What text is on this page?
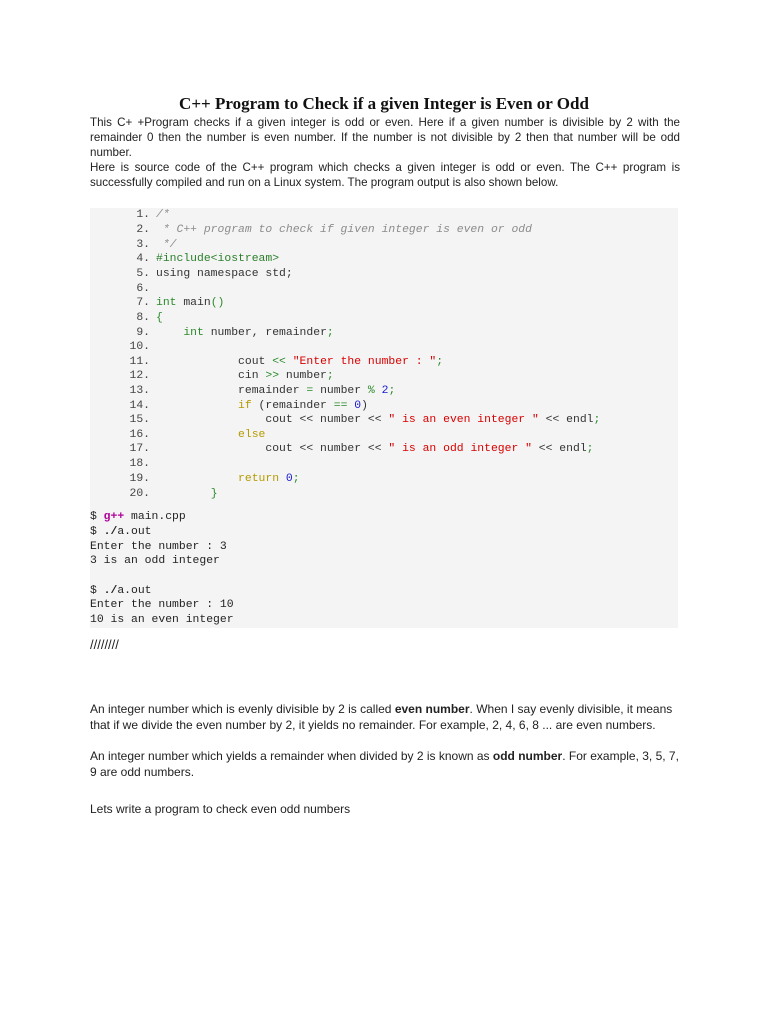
C++ Program to Check if a given Integer is Even or Odd

This C+ +Program checks if a given integer is odd or even. Here if a given number is divisible by 2 with the remainder 0 then the number is even number. If the number is not divisible by 2 then that number will be odd number.

Here is source code of the C++ program which checks a given integer is odd or even. The C++ program is successfully compiled and run on a Linux system. The program output is also shown below.

1. /*
2. * C++ program to check if given integer is even or odd
3. */
4. #include<iostream>
5. using namespace std;
6.
7. int main()
8. {
9.	int number, remainder;
10.
11.	cout << "Enter the number : ";
12.	cin >> number;
13.	remainder = number % 2;
14.	if (remainder == 0)
15.	cout << number << " is an even integer " << endl;
16.	else
17.	cout << number << " is an odd integer " << endl;
18.
19.	return 0;
20.	}
$ g++ main.cpp
$ ./a.out
Enter the number : 3
3 is an odd integer
$ ./a.out
Enter the number : 10
10 is an even integer

////////

An integer number which is evenly divisible by 2 is called even number. When I say evenly divisible, it means that if we divide the even number by 2, it yields no remainder. For example, 2, 4, 6, 8 ... are even numbers.

An integer number which yields a remainder when divided by 2 is known as odd number. For example, 3, 5, 7, 9 are odd numbers.

Lets write a program to check even odd numbers
